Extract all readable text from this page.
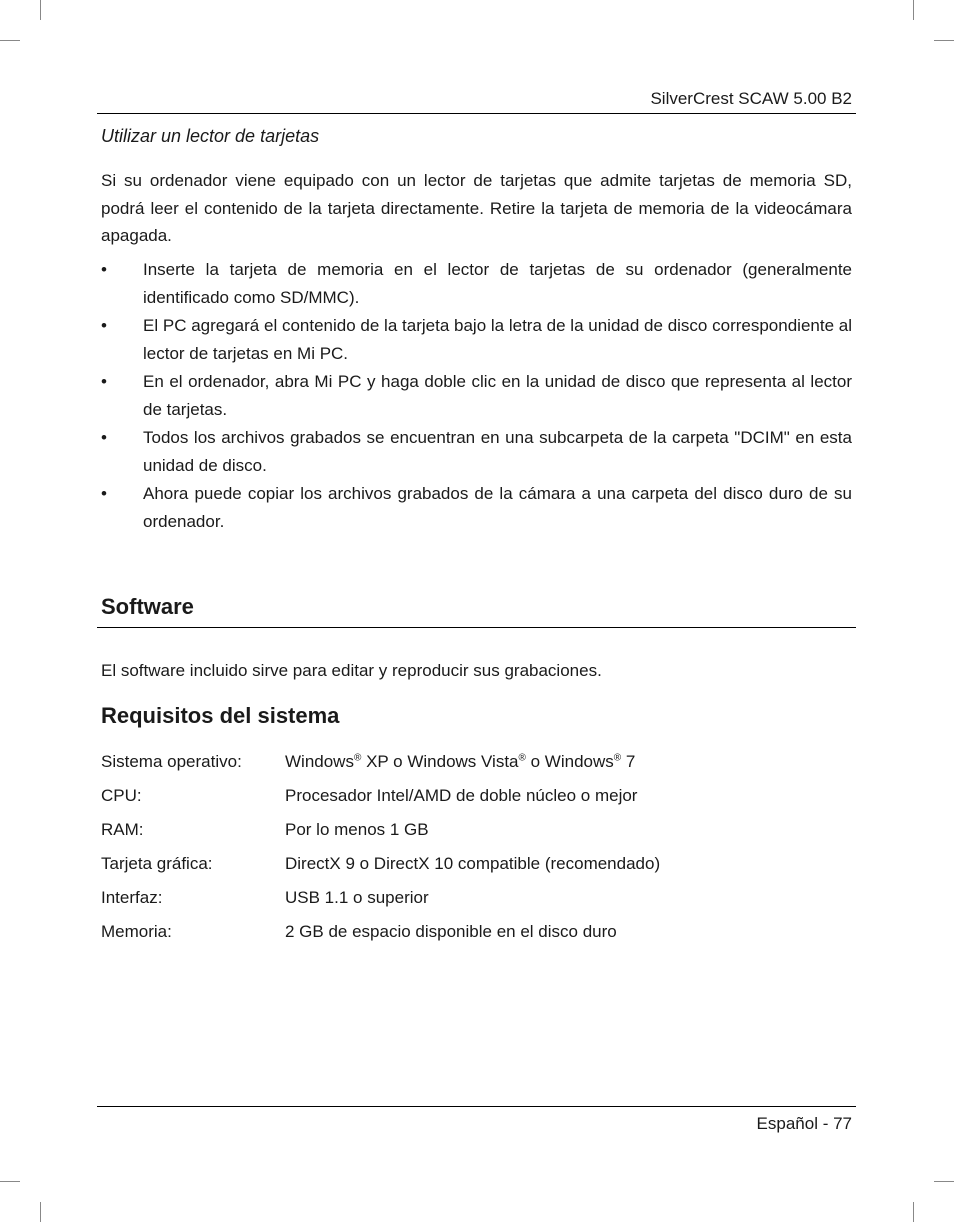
SilverCrest SCAW 5.00 B2
Utilizar un lector de tarjetas
Si su ordenador viene equipado con un lector de tarjetas que admite tarjetas de memoria SD, podrá leer el contenido de la tarjeta directamente. Retire la tarjeta de memoria de la videocámara apagada.
•	Inserte la tarjeta de memoria en el lector de tarjetas de su ordenador (generalmente identificado como SD/MMC).
•	El PC agregará el contenido de la tarjeta bajo la letra de la unidad de disco correspondiente al lector de tarjetas en Mi PC.
•	En el ordenador, abra Mi PC y haga doble clic en la unidad de disco que representa al lector de tarjetas.
•	Todos los archivos grabados se encuentran en una subcarpeta de la carpeta "DCIM" en esta unidad de disco.
•	Ahora puede copiar los archivos grabados de la cámara a una carpeta del disco duro de su ordenador.
Software
El software incluido sirve para editar y reproducir sus grabaciones.
Requisitos del sistema
Sistema operativo:	Windows® XP o Windows Vista® o Windows® 7
CPU:	Procesador Intel/AMD de doble núcleo o mejor
RAM:	Por lo menos 1 GB
Tarjeta gráfica:	DirectX 9 o DirectX 10 compatible (recomendado)
Interfaz:	USB 1.1 o superior
Memoria:	2 GB de espacio disponible en el disco duro
Español - 77
